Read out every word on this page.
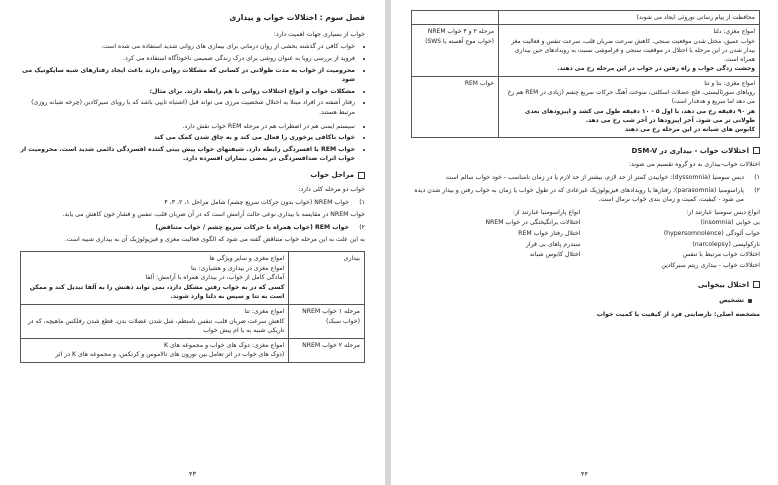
فصل سوم : اختلالات خواب و بیداری

خواب از بسیاری جهات اهمیت دارد:

• خواب کافی در گذشته بخشی از روان درمانی برای بیماری های روانی شدید استفاده می شده است.
• فروید از بررسی رویا به عنوان روشی برای درک زندگی ضمیمی ناخودآگاه استفاده می کرد.
• محرومیت از خواب به مدت طولانی در کسانی که مشکلات روانی دارند باعث ایجاد رفتارهای شبه سایکوتیک می شود
• مشکلات خواب و انواع اختلالات روانی با هم رابطه دارند. برای مثال:
• رفتار آشفته در افراد مبتلا به اختلال شخصیت مرزی می تواند قبل (اشتباه تایپی باشد که با رویای سیرکادین (چرخه شبانه روزی) مرتبط هستند.
• سیستم ایمنی هم در اضطراب هم در مرحله REM خواب نقش دارد.
• خواب ناکافی پرخوری را فعال می کند و به چاق شدن کمک می کند
• خواب REM با افسردگی رابطه دارد. شیفتهای خواب پیش بینی کننده افسردگی دائمی شدید است. محرومیت از خواب اثرات ضدافسردگی در بعضی بیماران افسرده دارد.
مراحل خواب

خواب دو مرحله کلی دارد:

۱)
خواب NREM (خواب بدون حرکات سریع چشم) شامل مراحل ۱، ۲، ۳، ۴

خواب NREM در مقایسه با بیداری نوعی حالت آرامش است که در آن ضربان قلب، تنفس و فشار خون کاهش می یابد.

۲)
خواب REM (خواب همراه با حرکات سریع چشم / خواب متناقض)

به این علت به این مرحله خواب متناقض گفته می شود که الگوی فعالیت مغزی و فیزیولوژیک آن به بیداری شبیه است.

بیداری	امواج مغزی و سایر ویژگی ها
امواج مغزی در بیداری و هشیاری: بتا
آمادگی کامل از خواب، در بیداری همراه با آرامش: آلفا
کسی که در به خواب رفتن مشکل دارد، نمی تواند ذهنش را به آلفا تبدیل کند و ممکن است به تتا و سپس به دلتا وارد شوند.

مرحله ۱ خواب NREM (خواب سبک)	امواج مغزی: تتا
کاهش سرعت ضربان قلب، تنفس نامنظم، شل شدن عضلات بدن، قطع شدن رفلکس ماهیچه، که در تاریکی شبیه به یا ام پیش خواب

مرحله ۲ خواب NREM	امواج مغزی: دوک های خواب و مجموعه های K
(دوک های خواب در اثر تعامل بین نورون های تالاموس و کرتکس، و مجموعه های K در اثر
۴۳
محافظت از پیام رسانی نوروئی ایجاد می شوند)	

امواج مغزی: دلتا
خواب عمیق، مختل شدن موقعیت سنجی، کاهش سرعت ضربان قلب، سرعت تنفس و فعالیت مغز
بیدار شدن در این مرحله با احتلال در موقعیت سنجی و فراموشی نسبت به رویدادهای حین بیداری همراه است.
وحشت زدگی خواب و راه رفتن در خواب در این مرحله رخ می دهند.	مرحله ۳ و ۴ خواب NREM (خواب موج آهسته یا SWS)

امواج مغزی: بتا و تتا
رویاهای سورئالیستی، فلج عضلات اسکلتی، سوخت آهنگ حرکات سریع چشم (زیادی در REM هم رخ می دهد اما سریع و هدفدار است)
هر ۹۰ دقیقه رخ می دهد، با اول ۵ - ۱۰ دقیقه طول می کشد و اپیزودهای بعدی طولانی تر می شود. آخر اپیزودها در آخر شب رخ می دهد.
کابوس های شبانه در این مرحله رخ می دهند	خواب REM
اختلالات خواب - بیداری در DSM-V

اختلالات خواب-بیداری به دو گروه تقسیم می شوند:

۱)
دیس سومنیا (dyssomnia): خوابیدن کمتر از حد لازم، بیشتر از حد لازم یا در زمان نامناسب - خود خواب سالم است
۲)
پاراسومنیا (parasomnia): رفتارها یا رویدادهای فیزیولوژیک غیرعادی که در طول خواب یا زمان به خواب رفتن و بیدار شدن دیده می شود - کیفیت، کمیت و زمان بندی خواب نرمال است.

انواع دیس سومنیا عبارتند از:

بی خوابی (insomnia)

خواب آلودگی (hypersomnolence)

نارکولپسی (narcolepsy)

اختلالات خواب مرتبط با تنفس

اختلالات خواب - بیداری ریتم سیرکادین

انواع پاراسومنیا عبارتند از:

اختلالات برانگیختگی در خواب NREM

اختلال رفتار خواب REM

سندرم پاهای بی قرار

اختلال کابوس شبانه

اختلال بیخوابی
تشخیص

مشخصه اصلی: نارضایتی فرد از کیفیت یا کمیت خواب

۴۴
